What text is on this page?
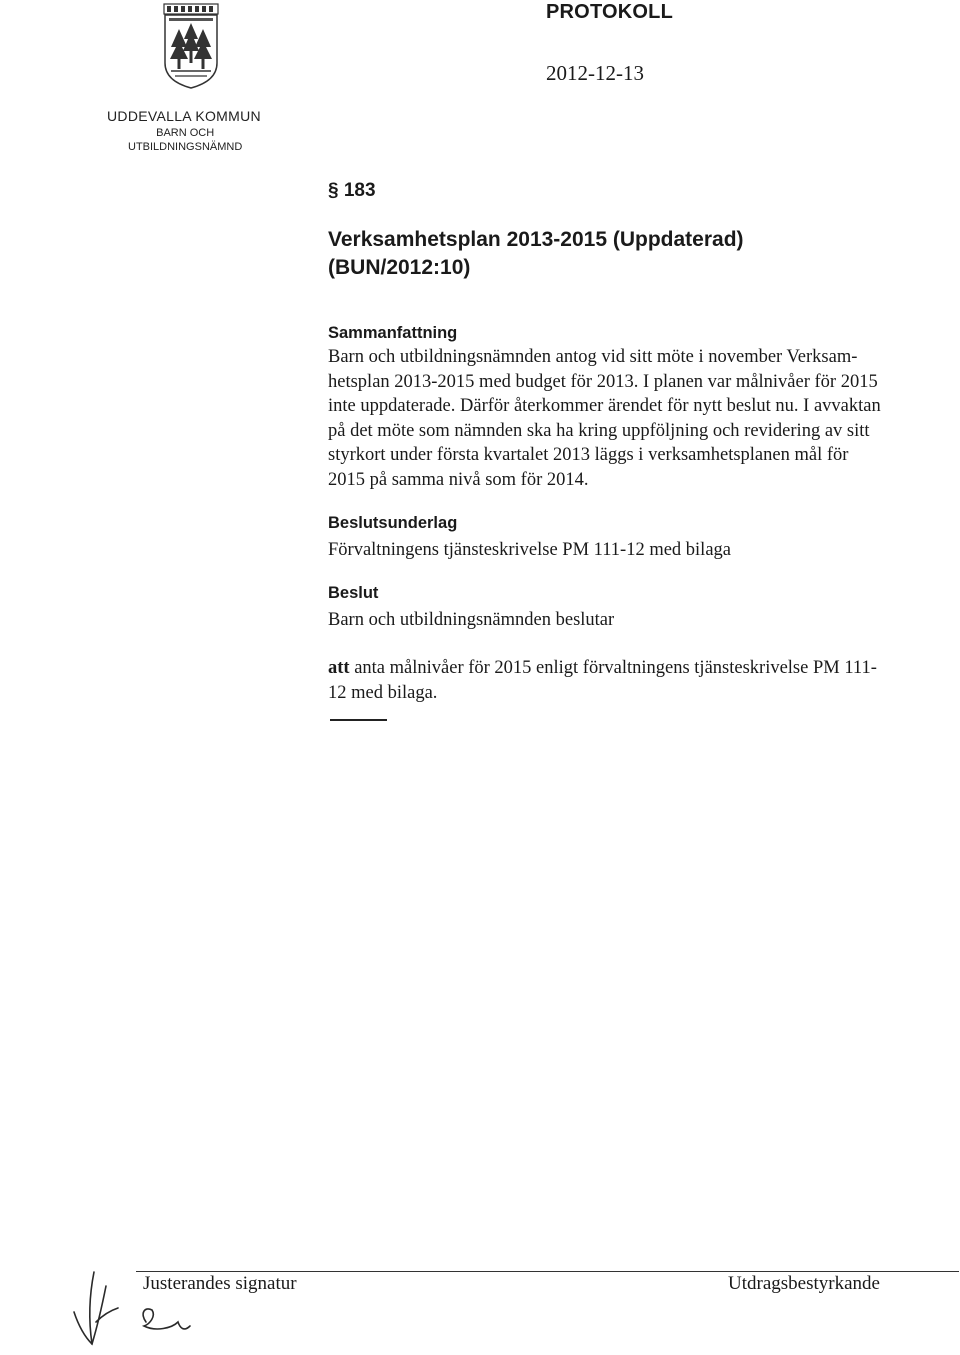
PROTOKOLL
2012-12-13
UDDEVALLA KOMMUN
BARN OCH
UTBILDNINGSNÄMND
§ 183
Verksamhetsplan 2013-2015 (Uppdaterad)
(BUN/2012:10)
Sammanfattning
Barn och utbildningsnämnden antog vid sitt möte i november Verksam-
hetsplan 2013-2015 med budget för 2013. I planen var målnivåer för 2015
inte uppdaterade. Därför återkommer ärendet för nytt beslut nu. I avvaktan
på det möte som nämnden ska ha kring uppföljning och revidering av sitt
styrkort under första kvartalet 2013 läggs i verksamhetsplanen mål för
2015 på samma nivå som för 2014.
Beslutsunderlag
Förvaltningens tjänsteskrivelse PM 111-12 med bilaga
Beslut
Barn och utbildningsnämnden beslutar
att anta målnivåer för 2015 enligt förvaltningens tjänsteskrivelse PM 111-
12 med bilaga.
Justerandes signatur	Utdragsbestyrkande
